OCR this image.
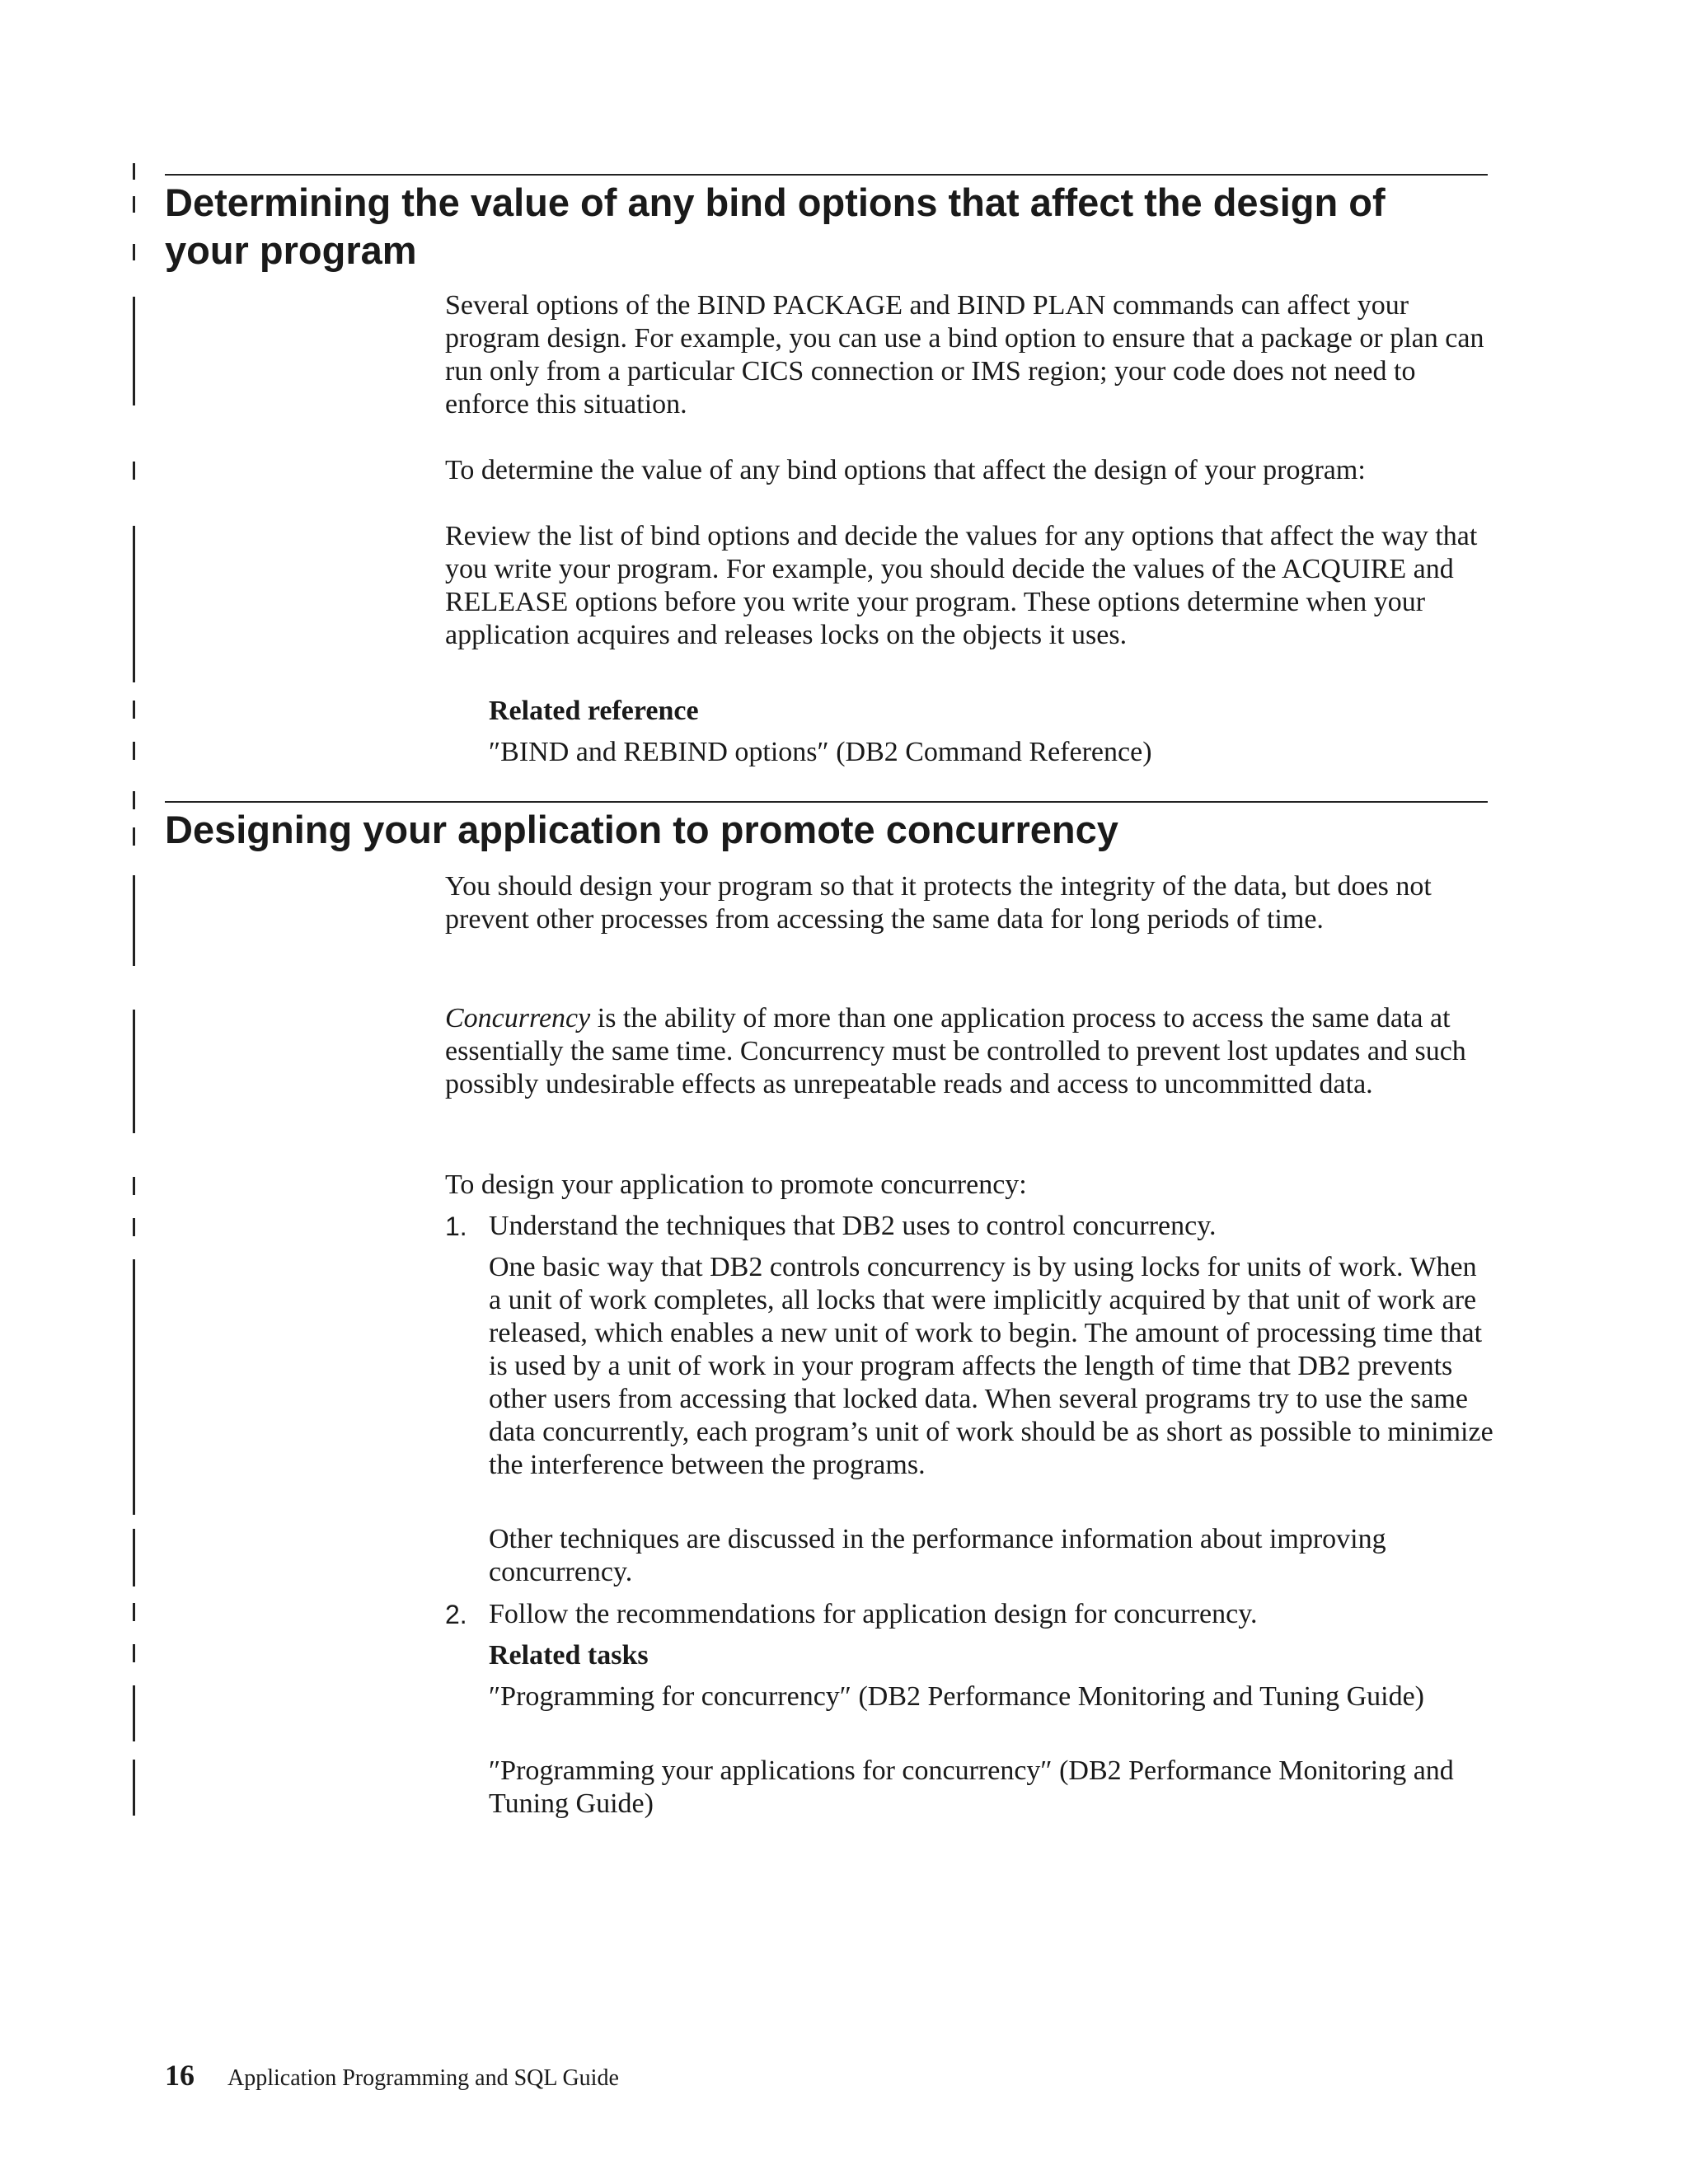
Determining the value of any bind options that affect the design of
your program

Several options of the BIND PACKAGE and BIND PLAN commands can affect your program design. For example, you can use a bind option to ensure that a package or plan can run only from a particular CICS connection or IMS region; your code does not need to enforce this situation.

To determine the value of any bind options that affect the design of your program:

Review the list of bind options and decide the values for any options that affect the way that you write your program. For example, you should decide the values of the ACQUIRE and RELEASE options before you write your program. These options determine when your application acquires and releases locks on the objects it uses.

Related reference

″BIND and REBIND options″ (DB2 Command Reference)

Designing your application to promote concurrency

You should design your program so that it protects the integrity of the data, but does not prevent other processes from accessing the same data for long periods of time.

Concurrency is the ability of more than one application process to access the same data at essentially the same time. Concurrency must be controlled to prevent lost updates and such possibly undesirable effects as unrepeatable reads and access to uncommitted data.

To design your application to promote concurrency:

1. Understand the techniques that DB2 uses to control concurrency.

One basic way that DB2 controls concurrency is by using locks for units of work. When a unit of work completes, all locks that were implicitly acquired by that unit of work are released, which enables a new unit of work to begin. The amount of processing time that is used by a unit of work in your program affects the length of time that DB2 prevents other users from accessing that locked data. When several programs try to use the same data concurrently, each program’s unit of work should be as short as possible to minimize the interference between the programs.

Other techniques are discussed in the performance information about improving concurrency.

2. Follow the recommendations for application design for concurrency.

Related tasks

″Programming for concurrency″ (DB2 Performance Monitoring and Tuning Guide)

″Programming your applications for concurrency″ (DB2 Performance Monitoring and Tuning Guide)

16 Application Programming and SQL Guide
